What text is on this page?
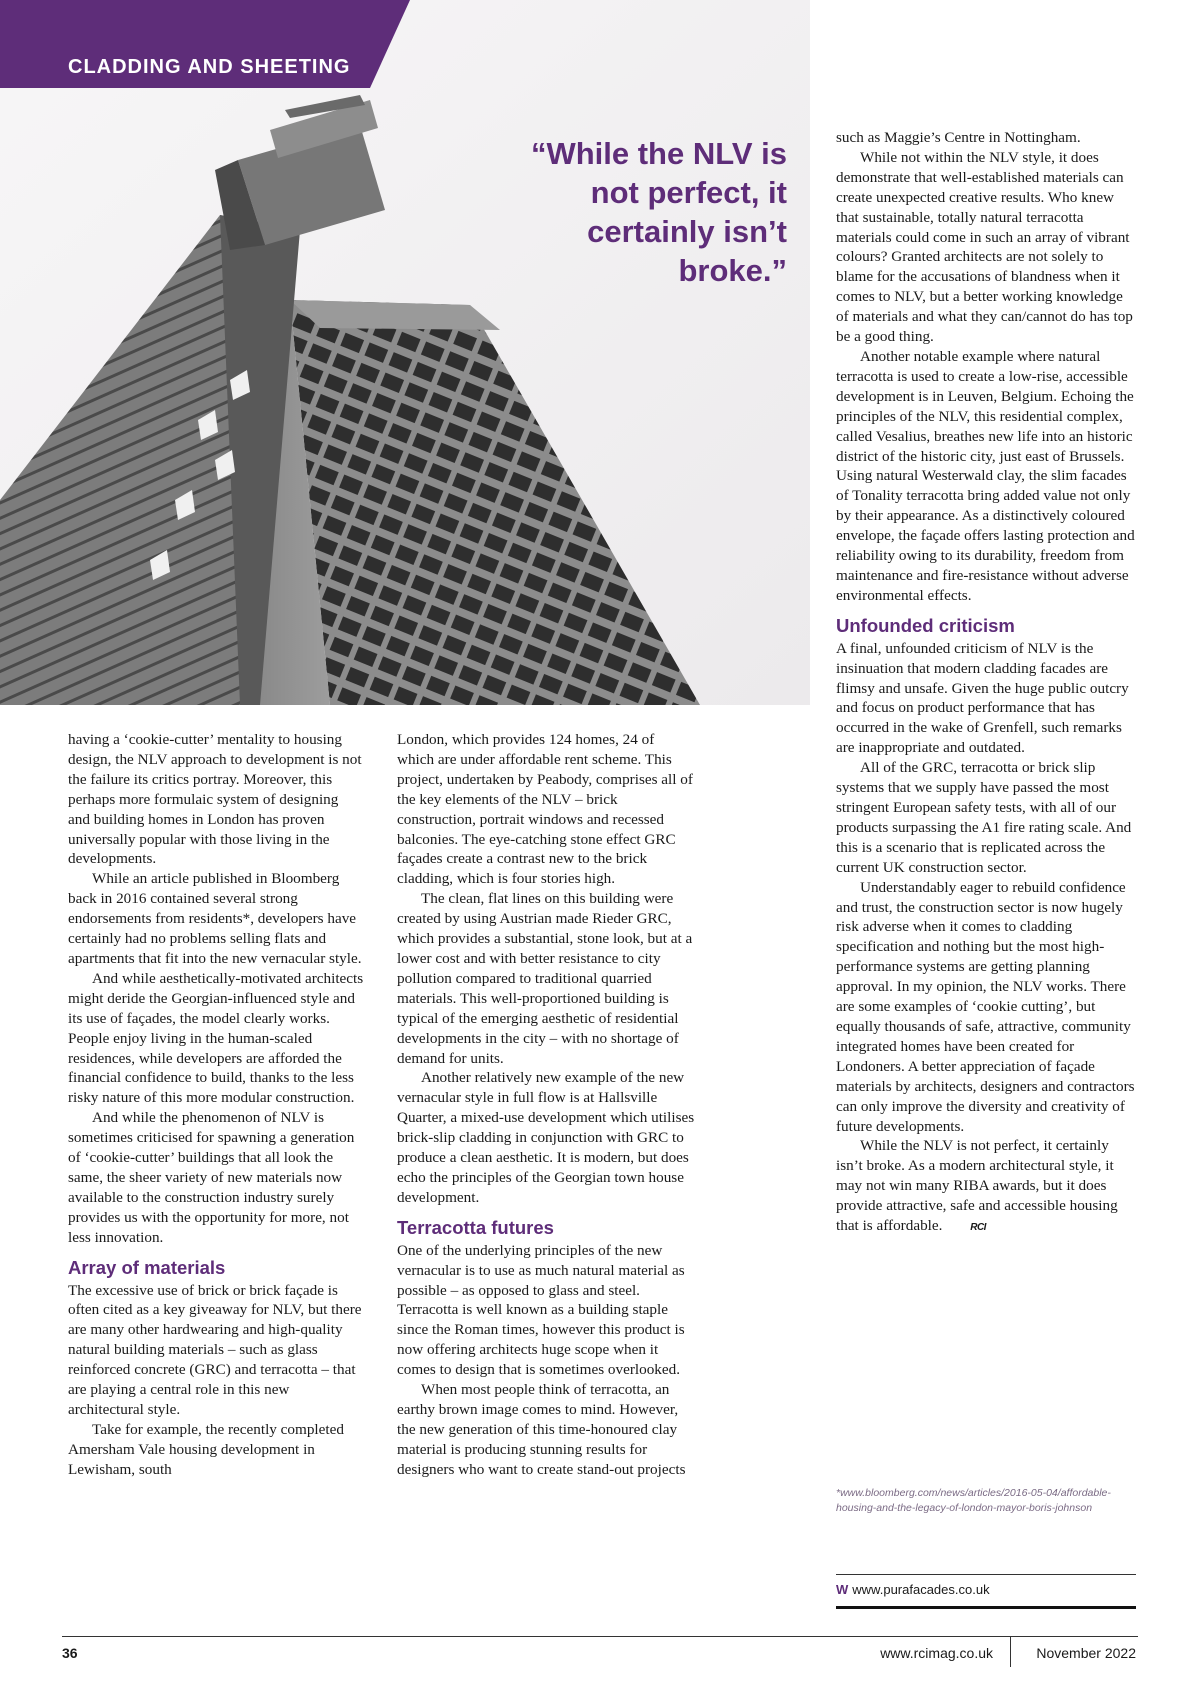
CLADDING AND SHEETING
“While the NLV is not perfect, it certainly isn’t broke.”

having a ‘cookie-cutter’ mentality to housing design, the NLV approach to development is not the failure its critics portray. Moreover, this perhaps more formulaic system of designing and building homes in London has proven universally popular with those living in the developments.

While an article published in Bloomberg back in 2016 contained several strong endorsements from residents*, developers have certainly had no problems selling flats and apartments that fit into the new vernacular style.

And while aesthetically-motivated architects might deride the Georgian-influenced style and its use of façades, the model clearly works. People enjoy living in the human-scaled residences, while developers are afforded the financial confidence to build, thanks to the less risky nature of this more modular construction.

And while the phenomenon of NLV is sometimes criticised for spawning a generation of ‘cookie-cutter’ buildings that all look the same, the sheer variety of new materials now available to the construction industry surely provides us with the opportunity for more, not less innovation.

Array of materials

The excessive use of brick or brick façade is often cited as a key giveaway for NLV, but there are many other hardwearing and high-quality natural building materials – such as glass reinforced concrete (GRC) and terracotta – that are playing a central role in this new architectural style.

Take for example, the recently completed Amersham Vale housing development in Lewisham, south

London, which provides 124 homes, 24 of which are under affordable rent scheme. This project, undertaken by Peabody, comprises all of the key elements of the NLV – brick construction, portrait windows and recessed balconies. The eye-catching stone effect GRC façades create a contrast new to the brick cladding, which is four stories high.

The clean, flat lines on this building were created by using Austrian made Rieder GRC, which provides a substantial, stone look, but at a lower cost and with better resistance to city pollution compared to traditional quarried materials. This well-proportioned building is typical of the emerging aesthetic of residential developments in the city – with no shortage of demand for units.

Another relatively new example of the new vernacular style in full flow is at Hallsville Quarter, a mixed-use development which utilises brick-slip cladding in conjunction with GRC to produce a clean aesthetic. It is modern, but does echo the principles of the Georgian town house development.

Terracotta futures

One of the underlying principles of the new vernacular is to use as much natural material as possible – as opposed to glass and steel. Terracotta is well known as a building staple since the Roman times, however this product is now offering architects huge scope when it comes to design that is sometimes overlooked.

When most people think of terracotta, an earthy brown image comes to mind. However, the new generation of this time-honoured clay material is producing stunning results for designers who want to create stand-out projects

such as Maggie’s Centre in Nottingham.

While not within the NLV style, it does demonstrate that well-established materials can create unexpected creative results. Who knew that sustainable, totally natural terracotta materials could come in such an array of vibrant colours? Granted architects are not solely to blame for the accusations of blandness when it comes to NLV, but a better working knowledge of materials and what they can/cannot do has top be a good thing.

Another notable example where natural terracotta is used to create a low-rise, accessible development is in Leuven, Belgium. Echoing the principles of the NLV, this residential complex, called Vesalius, breathes new life into an historic district of the historic city, just east of Brussels. Using natural Westerwald clay, the slim facades of Tonality terracotta bring added value not only by their appearance. As a distinctively coloured envelope, the façade offers lasting protection and reliability owing to its durability, freedom from maintenance and fire-resistance without adverse environmental effects.

Unfounded criticism

A final, unfounded criticism of NLV is the insinuation that modern cladding facades are flimsy and unsafe. Given the huge public outcry and focus on product performance that has occurred in the wake of Grenfell, such remarks are inappropriate and outdated.

All of the GRC, terracotta or brick slip systems that we supply have passed the most stringent European safety tests, with all of our products surpassing the A1 fire rating scale. And this is a scenario that is replicated across the current UK construction sector.

Understandably eager to rebuild confidence and trust, the construction sector is now hugely risk adverse when it comes to cladding specification and nothing but the most high-performance systems are getting planning approval. In my opinion, the NLV works. There are some examples of ‘cookie cutting’, but equally thousands of safe, attractive, community integrated homes have been created for Londoners. A better appreciation of façade materials by architects, designers and contractors can only improve the diversity and creativity of future developments.

While the NLV is not perfect, it certainly isn’t broke. As a modern architectural style, it may not win many RIBA awards, but it does provide attractive, safe and accessible housing that is affordable.	RCI

*www.bloomberg.com/news/articles/2016-05-04/affordable-housing-and-the-legacy-of-london-mayor-boris-johnson
W www.purafacades.co.uk
36	www.rcimag.co.uk	November 2022
